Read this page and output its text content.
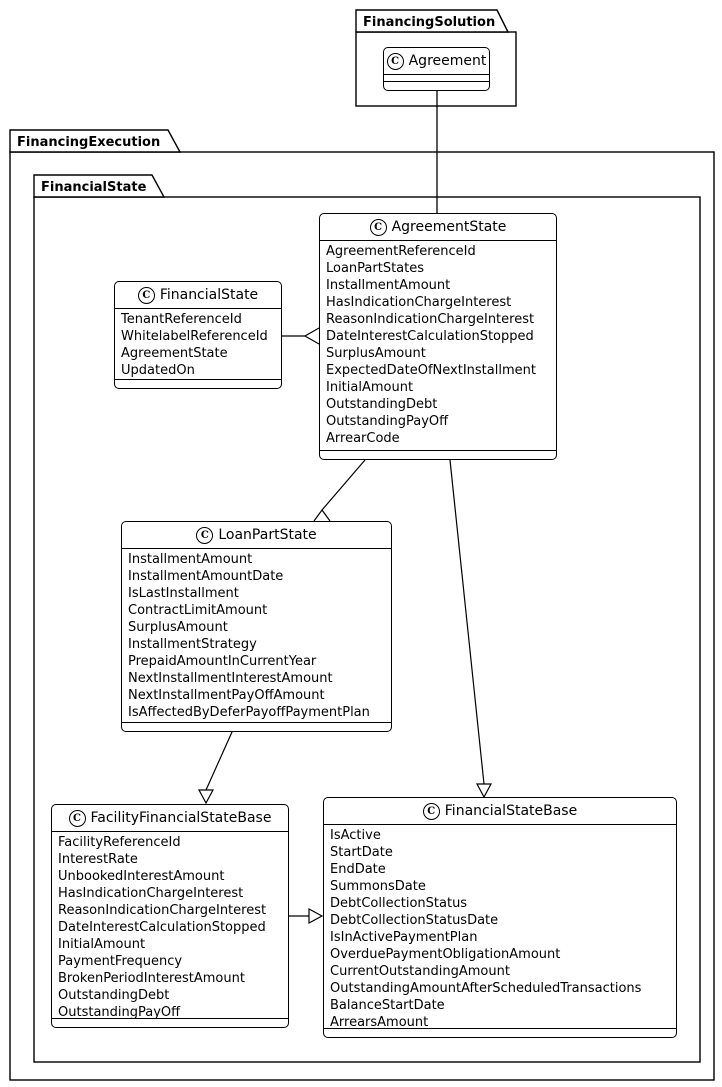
FinancingSolution
FinancingExecution
FinancialState
C Agreement
C AgreementState
AgreementReferenceId
LoanPartStates
InstallmentAmount
HasIndicationChargeInterest
ReasonIndicationChargeInterest
DateInterestCalculationStopped
SurplusAmount
ExpectedDateOfNextInstallment
InitialAmount
OutstandingDebt
OutstandingPayOff
ArrearCode
C FinancialState
TenantReferenceId
WhitelabelReferenceId
AgreementState
UpdatedOn
C LoanPartState
InstallmentAmount
InstallmentAmountDate
IsLastInstallment
ContractLimitAmount
SurplusAmount
InstallmentStrategy
PrepaidAmountInCurrentYear
NextInstallmentInterestAmount
NextInstallmentPayOffAmount
IsAffectedByDeferPayoffPaymentPlan
C FacilityFinancialStateBase
FacilityReferenceId
InterestRate
UnbookedInterestAmount
HasIndicationChargeInterest
ReasonIndicationChargeInterest
DateInterestCalculationStopped
InitialAmount
PaymentFrequency
BrokenPeriodInterestAmount
OutstandingDebt
OutstandingPayOff
C FinancialStateBase
IsActive
StartDate
EndDate
SummonsDate
DebtCollectionStatus
DebtCollectionStatusDate
IsInActivePaymentPlan
OverduePaymentObligationAmount
CurrentOutstandingAmount
OutstandingAmountAfterScheduledTransactions
BalanceStartDate
ArrearsAmount
